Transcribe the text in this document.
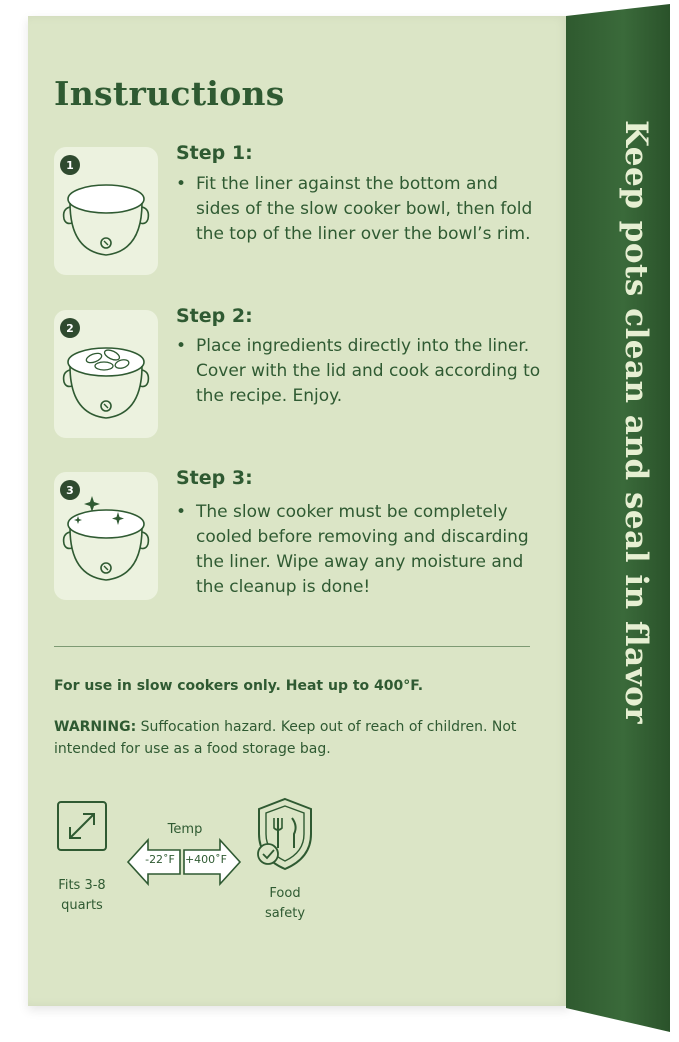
Keep pots clean and seal in flavor
Instructions
1
Step 1:
• Fit the liner against the bottom and sides of the slow cooker bowl, then fold the top of the liner over the bowl’s rim.
2
Step 2:
• Place ingredients directly into the liner. Cover with the lid and cook according to the recipe. Enjoy.
3
Step 3:
• The slow cooker must be completely cooled before removing and discarding the liner. Wipe away any moisture and the cleanup is done!
For use in slow cookers only. Heat up to 400°F.
WARNING: Suffocation hazard. Keep out of reach of children. Not intended for use as a food storage bag.
Fits 3-8
quarts
Temp
-22˚F +400˚F
Food
safety
